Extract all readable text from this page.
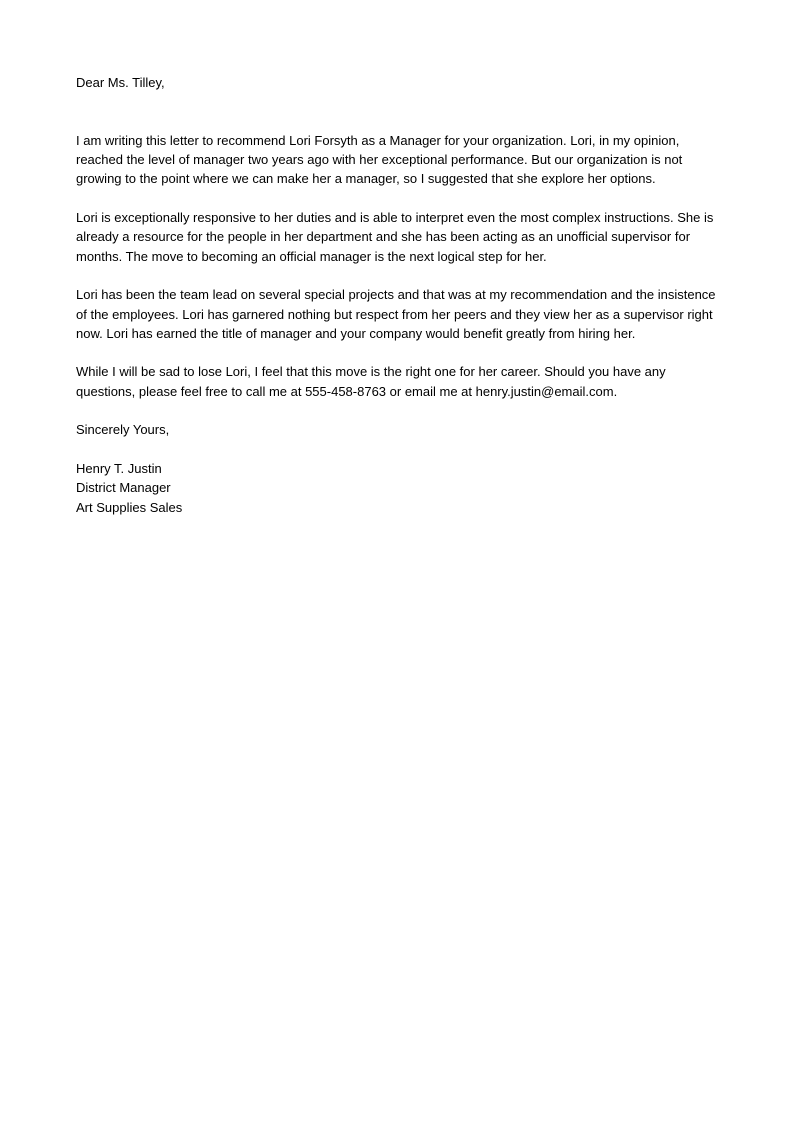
Dear Ms. Tilley,

I am writing this letter to recommend Lori Forsyth as a Manager for your organization. Lori, in my opinion, reached the level of manager two years ago with her exceptional performance. But our organization is not growing to the point where we can make her a manager, so I suggested that she explore her options.

Lori is exceptionally responsive to her duties and is able to interpret even the most complex instructions. She is already a resource for the people in her department and she has been acting as an unofficial supervisor for months. The move to becoming an official manager is the next logical step for her.

Lori has been the team lead on several special projects and that was at my recommendation and the insistence of the employees. Lori has garnered nothing but respect from her peers and they view her as a supervisor right now. Lori has earned the title of manager and your company would benefit greatly from hiring her.

While I will be sad to lose Lori, I feel that this move is the right one for her career. Should you have any questions, please feel free to call me at 555-458-8763 or email me at henry.justin@email.com.

Sincerely Yours,

Henry T. Justin
District Manager
Art Supplies Sales
